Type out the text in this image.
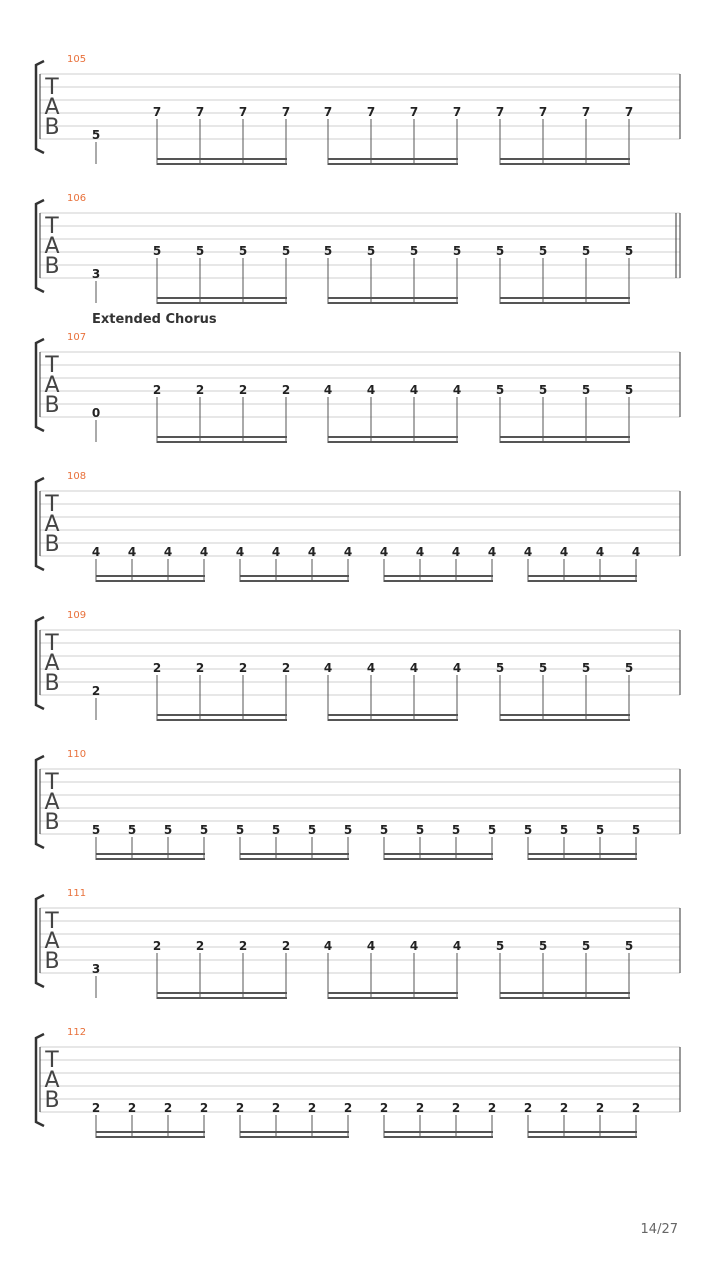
T
A
B
105
5
7	7	7	7	7	7	7	7	7	7	7	7
T
A
B
106
3
5	5	5	5	5	5	5	5	5	5	5	5
T
A
B
107
Extended Chorus
0
2	2	2	2	4	4	4	4	5	5	5	5
T
A
B
108
4 4 4 4 4 4 4 4 4 4 4 4 4 4 4 4
T
A
B
109
2
2	2	2	2	4	4	4	4	5	5	5	5
T
A
B
110
5 5 5 5 5 5 5 5 5 5 5 5 5 5 5 5
T
A
B
111
3
2	2	2	2	4	4	4	4	5	5	5	5
T
A
B
112
2 2 2 2 2 2 2 2 2 2 2 2 2 2 2 2
14/27
